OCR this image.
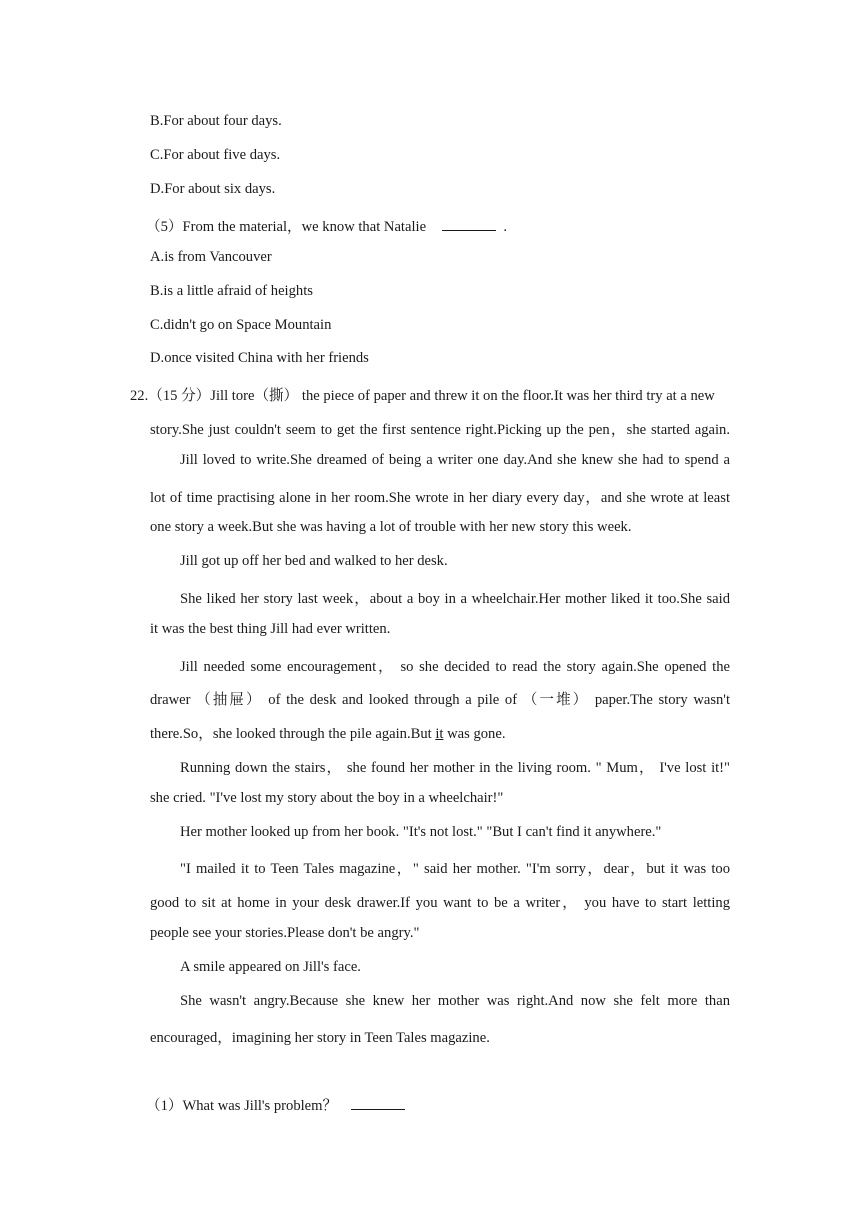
B.For about four days.
C.For about five days.
D.For about six days.
（5）From the material，we know that Natalie	.
A.is from Vancouver
B.is a little afraid of heights
C.didn't go on Space Mountain
D.once visited China with her friends
22.（15 分）Jill tore（撕） the piece of paper and threw it on the floor.It was her third try at a new
story.She just couldn't seem to get the first sentence right.Picking up the pen，she started again.
Jill loved to write.She dreamed of being a writer one day.And she knew she had to spend a
lot of time practising alone in her room.She wrote in her diary every day，and she wrote at least
one story a week.But she was having a lot of trouble with her new story this week.
Jill got up off her bed and walked to her desk.
She liked her story last week，about a boy in a wheelchair.Her mother liked it too.She said
it was the best thing Jill had ever written.
Jill needed some encouragement， so she decided to read the story again.She opened the
drawer （抽屉） of the desk and looked through a pile of （一堆） paper.The story wasn't
there.So，she looked through the pile again.But it was gone.
Running down the stairs， she found her mother in the living room. " Mum， I've lost it!"
she cried. "I've lost my story about the boy in a wheelchair!"
Her mother looked up from her book. "It's not lost." "But I can't find it anywhere."
"I mailed it to Teen Tales magazine，" said her mother. "I'm sorry，dear，but it was too
good to sit at home in your desk drawer.If you want to be a writer， you have to start letting
people see your stories.Please don't be angry."
A smile appeared on Jill's face.
She wasn't angry.Because she knew her mother was right.And now she felt more than
encouraged，imagining her story in Teen Tales magazine.
（1）What was Jill's problem？
